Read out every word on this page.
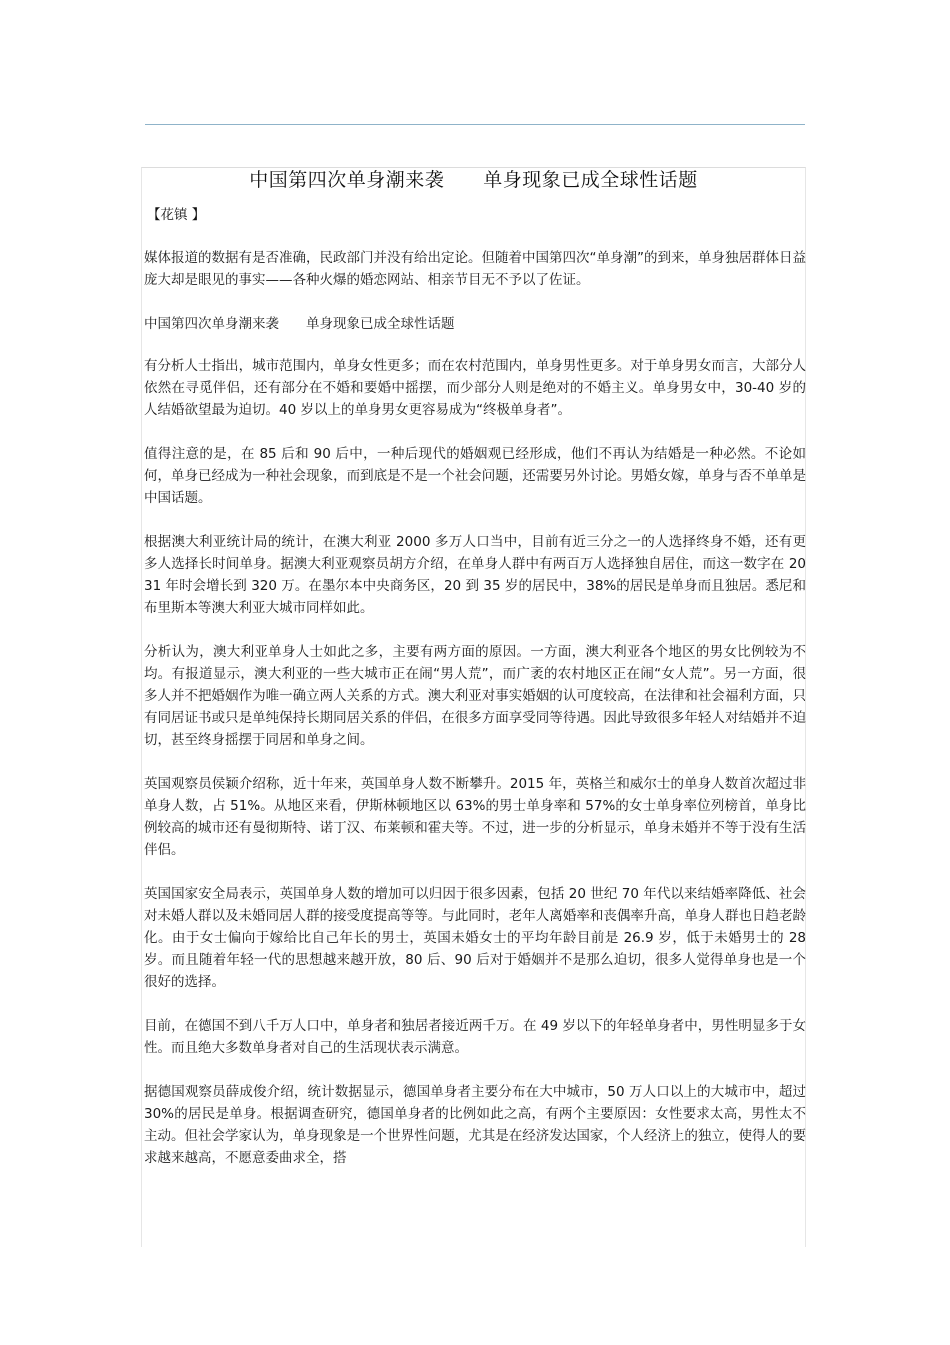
中国第四次单身潮来袭　　单身现象已成全球性话题
【花镇 】

媒体报道的数据有是否准确，民政部门并没有给出定论。但随着中国第四次“单身潮”的到来，单身独居群体日益庞大却是眼见的事实——各种火爆的婚恋网站、相亲节目无不予以了佐证。

中国第四次单身潮来袭　　单身现象已成全球性话题

有分析人士指出，城市范围内，单身女性更多；而在农村范围内，单身男性更多。对于单身男女而言，大部分人依然在寻觅伴侣，还有部分在不婚和要婚中摇摆，而少部分人则是绝对的不婚主义。单身男女中，30-40 岁的人结婚欲望最为迫切。40 岁以上的单身男女更容易成为“终极单身者”。

值得注意的是，在 85 后和 90 后中，一种后现代的婚姻观已经形成，他们不再认为结婚是一种必然。不论如何，单身已经成为一种社会现象，而到底是不是一个社会问题，还需要另外讨论。男婚女嫁，单身与否不单单是中国话题。

根据澳大利亚统计局的统计，在澳大利亚 2000 多万人口当中，目前有近三分之一的人选择终身不婚，还有更多人选择长时间单身。据澳大利亚观察员胡方介绍，在单身人群中有两百万人选择独自居住，而这一数字在 2031 年时会增长到 320 万。在墨尔本中央商务区，20 到 35 岁的居民中，38%的居民是单身而且独居。悉尼和布里斯本等澳大利亚大城市同样如此。

分析认为，澳大利亚单身人士如此之多，主要有两方面的原因。一方面，澳大利亚各个地区的男女比例较为不均。有报道显示，澳大利亚的一些大城市正在闹“男人荒”，而广袤的农村地区正在闹“女人荒”。另一方面，很多人并不把婚姻作为唯一确立两人关系的方式。澳大利亚对事实婚姻的认可度较高，在法律和社会福利方面，只有同居证书或只是单纯保持长期同居关系的伴侣，在很多方面享受同等待遇。因此导致很多年轻人对结婚并不迫切，甚至终身摇摆于同居和单身之间。

英国观察员侯颖介绍称，近十年来，英国单身人数不断攀升。2015 年，英格兰和威尔士的单身人数首次超过非单身人数，占 51%。从地区来看，伊斯林顿地区以 63%的男士单身率和 57%的女士单身率位列榜首，单身比例较高的城市还有曼彻斯特、诺丁汉、布莱顿和霍夫等。不过，进一步的分析显示，单身未婚并不等于没有生活伴侣。

英国国家安全局表示，英国单身人数的增加可以归因于很多因素，包括 20 世纪 70 年代以来结婚率降低、社会对未婚人群以及未婚同居人群的接受度提高等等。与此同时，老年人离婚率和丧偶率升高，单身人群也日趋老龄化。由于女士偏向于嫁给比自己年长的男士，英国未婚女士的平均年龄目前是 26.9 岁，低于未婚男士的 28 岁。而且随着年轻一代的思想越来越开放，80 后、90 后对于婚姻并不是那么迫切，很多人觉得单身也是一个很好的选择。

目前，在德国不到八千万人口中，单身者和独居者接近两千万。在 49 岁以下的年轻单身者中，男性明显多于女性。而且绝大多数单身者对自己的生活现状表示满意。

据德国观察员薛成俊介绍，统计数据显示，德国单身者主要分布在大中城市，50 万人口以上的大城市中，超过 30%的居民是单身。根据调查研究，德国单身者的比例如此之高，有两个主要原因：女性要求太高，男性太不主动。但社会学家认为，单身现象是一个世界性问题，尤其是在经济发达国家，个人经济上的独立，使得人的要求越来越高，不愿意委曲求全，搭
